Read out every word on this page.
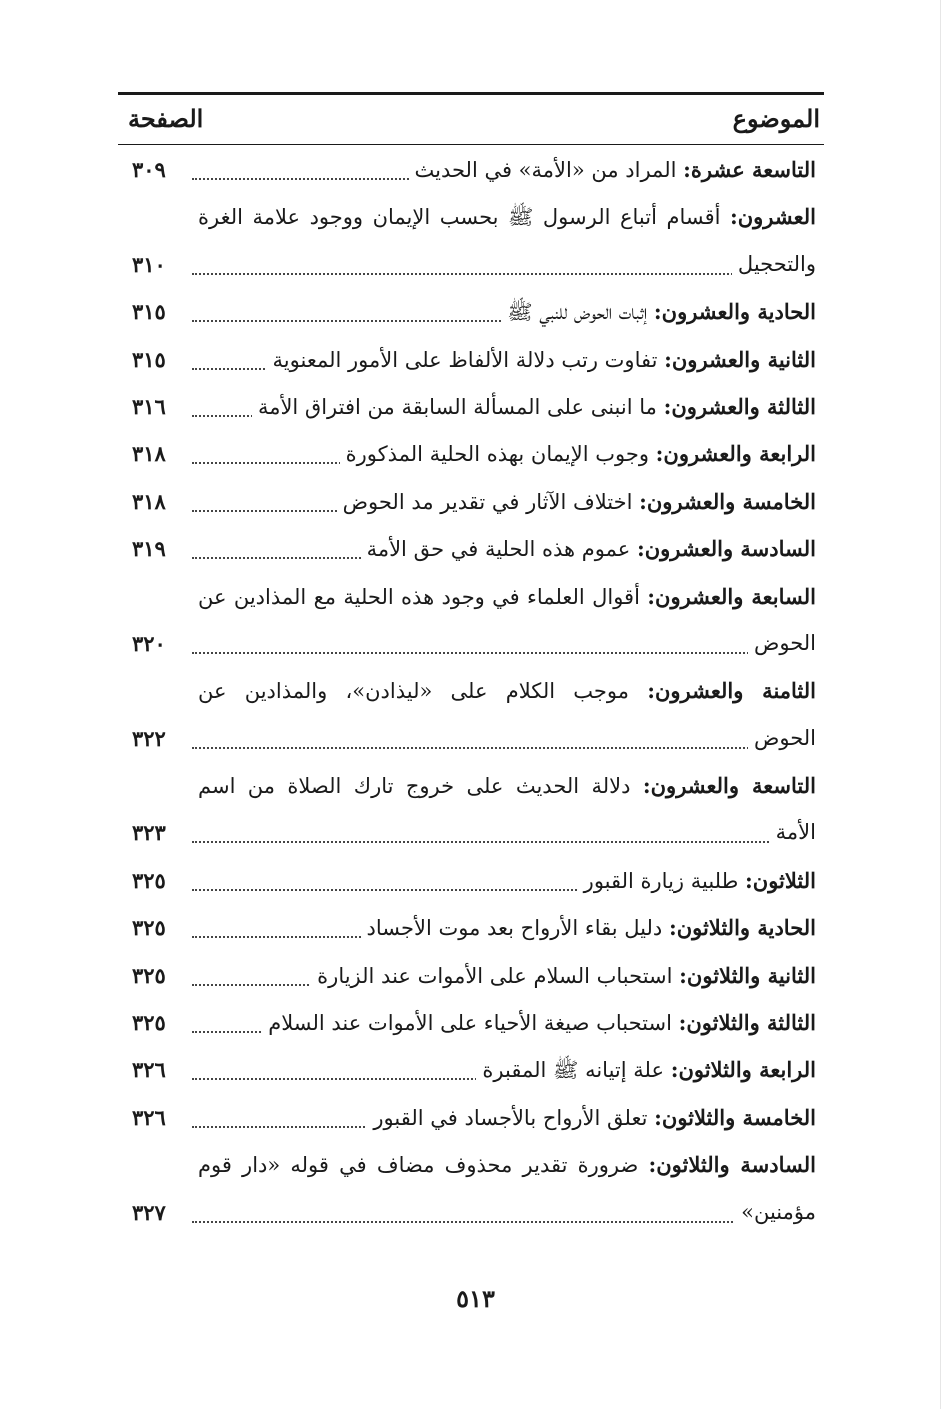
الموضوع
الصفحة
التاسعة عشرة: المراد من «الأمة» في الحديث
٣٠٩
العشرون: أقسام أتباع الرسول ﷺ بحسب الإيمان ووجود علامة الغرة
والتحجيل
٣١٠
الحادية والعشرون: إثبات الحوض للنبي ﷺ
٣١٥
الثانية والعشرون: تفاوت رتب دلالة الألفاظ على الأمور المعنوية
٣١٥
الثالثة والعشرون: ما انبنى على المسألة السابقة من افتراق الأمة
٣١٦
الرابعة والعشرون: وجوب الإيمان بهذه الحلية المذكورة
٣١٨
الخامسة والعشرون: اختلاف الآثار في تقدير مد الحوض
٣١٨
السادسة والعشرون: عموم هذه الحلية في حق الأمة
٣١٩
السابعة والعشرون: أقوال العلماء في وجود هذه الحلية مع المذادين عن
الحوض
٣٢٠
الثامنة والعشرون: موجب الكلام على «ليذادن»، والمذادين عن
الحوض
٣٢٢
التاسعة والعشرون: دلالة الحديث على خروج تارك الصلاة من اسم
الأمة
٣٢٣
الثلاثون: طلبية زيارة القبور
٣٢٥
الحادية والثلاثون: دليل بقاء الأرواح بعد موت الأجساد
٣٢٥
الثانية والثلاثون: استحباب السلام على الأموات عند الزيارة
٣٢٥
الثالثة والثلاثون: استحباب صيغة الأحياء على الأموات عند السلام
٣٢٥
الرابعة والثلاثون: علة إتيانه ﷺ المقبرة
٣٢٦
الخامسة والثلاثون: تعلق الأرواح بالأجساد في القبور
٣٢٦
السادسة والثلاثون: ضرورة تقدير محذوف مضاف في قوله «دار قوم
مؤمنين»
٣٢٧
٥١٣
